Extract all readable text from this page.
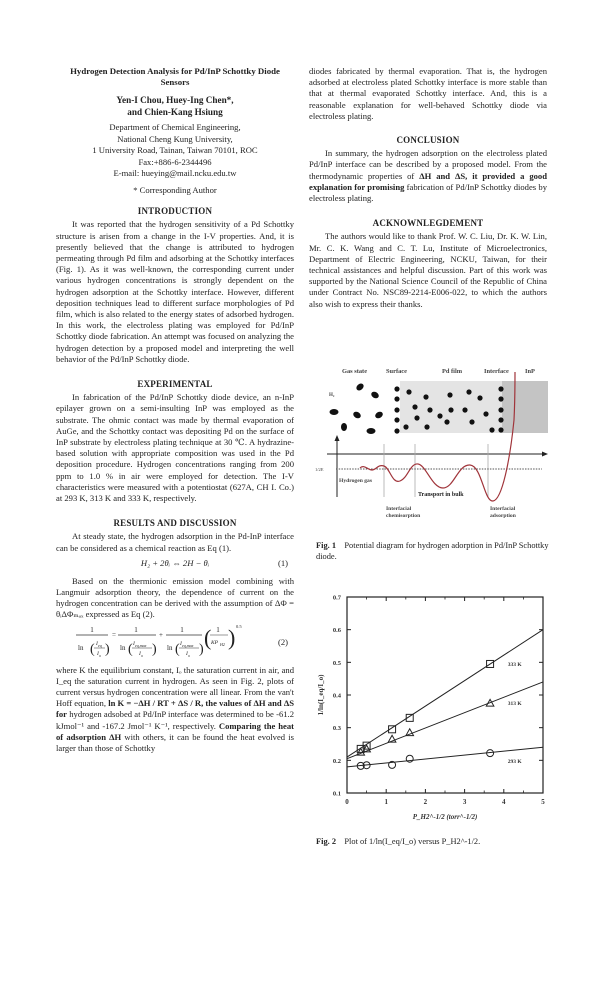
Hydrogen Detection Analysis for Pd/InP Schottky Diode Sensors

Yen-I Chou, Huey-Ing Chen*,
and Chien-Kang Hsiung

Department of Chemical Engineering,

National Cheng Kung University,

1 University Road, Tainan, Taiwan 70101, ROC

Fax:+886-6-2344496

E-mail: hueying@mail.ncku.edu.tw

* Corresponding Author

INTRODUCTION

It was reported that the hydrogen sensitivity of a Pd Schottky structure is arisen from a change in the I-V properties. And, it is presently believed that the change is attributed to hydrogen permeating through Pd film and adsorbing at the Schottky interfaces (Fig. 1). As it was well-known, the corresponding current under various hydrogen concentrations is strongly dependent on the hydrogen adsorption at the Schottky interface. However, different deposition techniques lead to different surface morphologies of Pd film, which is also related to the energy states of adsorbed hydrogen. In this work, the electroless plating was employed for Pd/InP Schottky diode fabrication. An attempt was focused on analyzing the hydrogen detection by a proposed model and interpreting the well behavior of the Pd/InP Schottky diode.

EXPERIMENTAL

In fabrication of the Pd/InP Schottky diode device, an n-InP epilayer grown on a semi-insulting InP was employed as the substrate. The ohmic contact was made by thermal evaporation of AuGe, and the Schottky contact was depositing Pd on the surface of InP substrate by electroless plating technique at 30 ℃. A hydrazine-based solution with appropriate composition was used in the Pd deposition procedure. Hydrogen concentrations ranging from 200 ppm to 1.0 % in air were employed for detection. The I-V characteristics were measured with a potentiostat (627A, CH I. Co.) at 293 K, 313 K and 333 K, respectively.

RESULTS AND DISCUSSION

At steady state, the hydrogen adsorption in the Pd-InP interface can be considered as a chemical reaction as Eq (1).

H₂ + 2θᵢ ⇔ 2H − θᵢ	(1)

Based on the thermionic emission model combining with Langmuir adsorption theory, the dependence of current on the hydrogen concentration can be derived with the assumption of ΔΦ = θᵢΔΦₘₐₓ expressed as Eq (2).

1
ln ( I eq
I o )
=
1
ln ( I eq,max
I o )
+
1
ln ( I eq,max
I o ) ( 1
KP H2 ) 0.5
(2)

where K the equilibrium constant, Iₒ the saturation current in air, and I_eq the saturation current in hydrogen. As seen in Fig. 2, plots of current versus hydrogen concentration were all linear. From the van't Hoff equation, ln K = −ΔH / RT + ΔS / R, the values of ΔH and ΔS for hydrogen adsobed at Pd/InP interface was determined to be -61.2 kJmol⁻¹ and -167.2 Jmol⁻¹ K⁻¹, respectively. Comparing the heat of adsorption ΔH with others, it can be found the heat evolved is larger than those of Schottky

diodes fabricated by thermal evaporation. That is, the hydrogen adsorbed at electroless plated Schottky interface is more stable than that at thermal evaporated Schottky interface. And, this is a reasonable explanation for well-behaved Schottky diode via electroless plating.

CONCLUSION

In summary, the hydrogen adsorption on the electroless plated Pd/InP interface can be described by a proposed model. From the thermodynamic properties of ΔH and ΔS, it provided a good explanation for promising fabrication of Pd/InP Schottky diodes by electroless plating.

ACKNOWNLEGDEMENT

The authors would like to thank Prof. W. C. Liu, Dr. K. W. Lin, Mr. C. K. Wang and C. T. Lu, Institute of Microelectronics, Department of Electric Engineering, NCKU, Taiwan, for their technical assistances and helpful discussion. Part of this work was supported by the National Science Council of the Republic of China under Contract No. NSC89-2214-E006-022, to which the authors also wish to express their thanks.

Gas state	Surface	Pd film	Interface	InP
H₂
1/2E
Hydrogen gas
Transport in bulk
Interfacial
chemisorption
Interfacial
adsorption
Fig. 1 Potential diagram for hydrogen adorption in Pd/InP Schottky diode.
0	1	2	3	4	5
0.1
0.2
0.3
0.4
0.5
0.6
0.7
P_H2^-1/2 (torr^-1/2)
1/ln(I_eq/I_o)
333 K
313 K
293 K
Fig. 2 Plot of 1/ln(I_eq/I_o) versus P_H2^-1/2.
